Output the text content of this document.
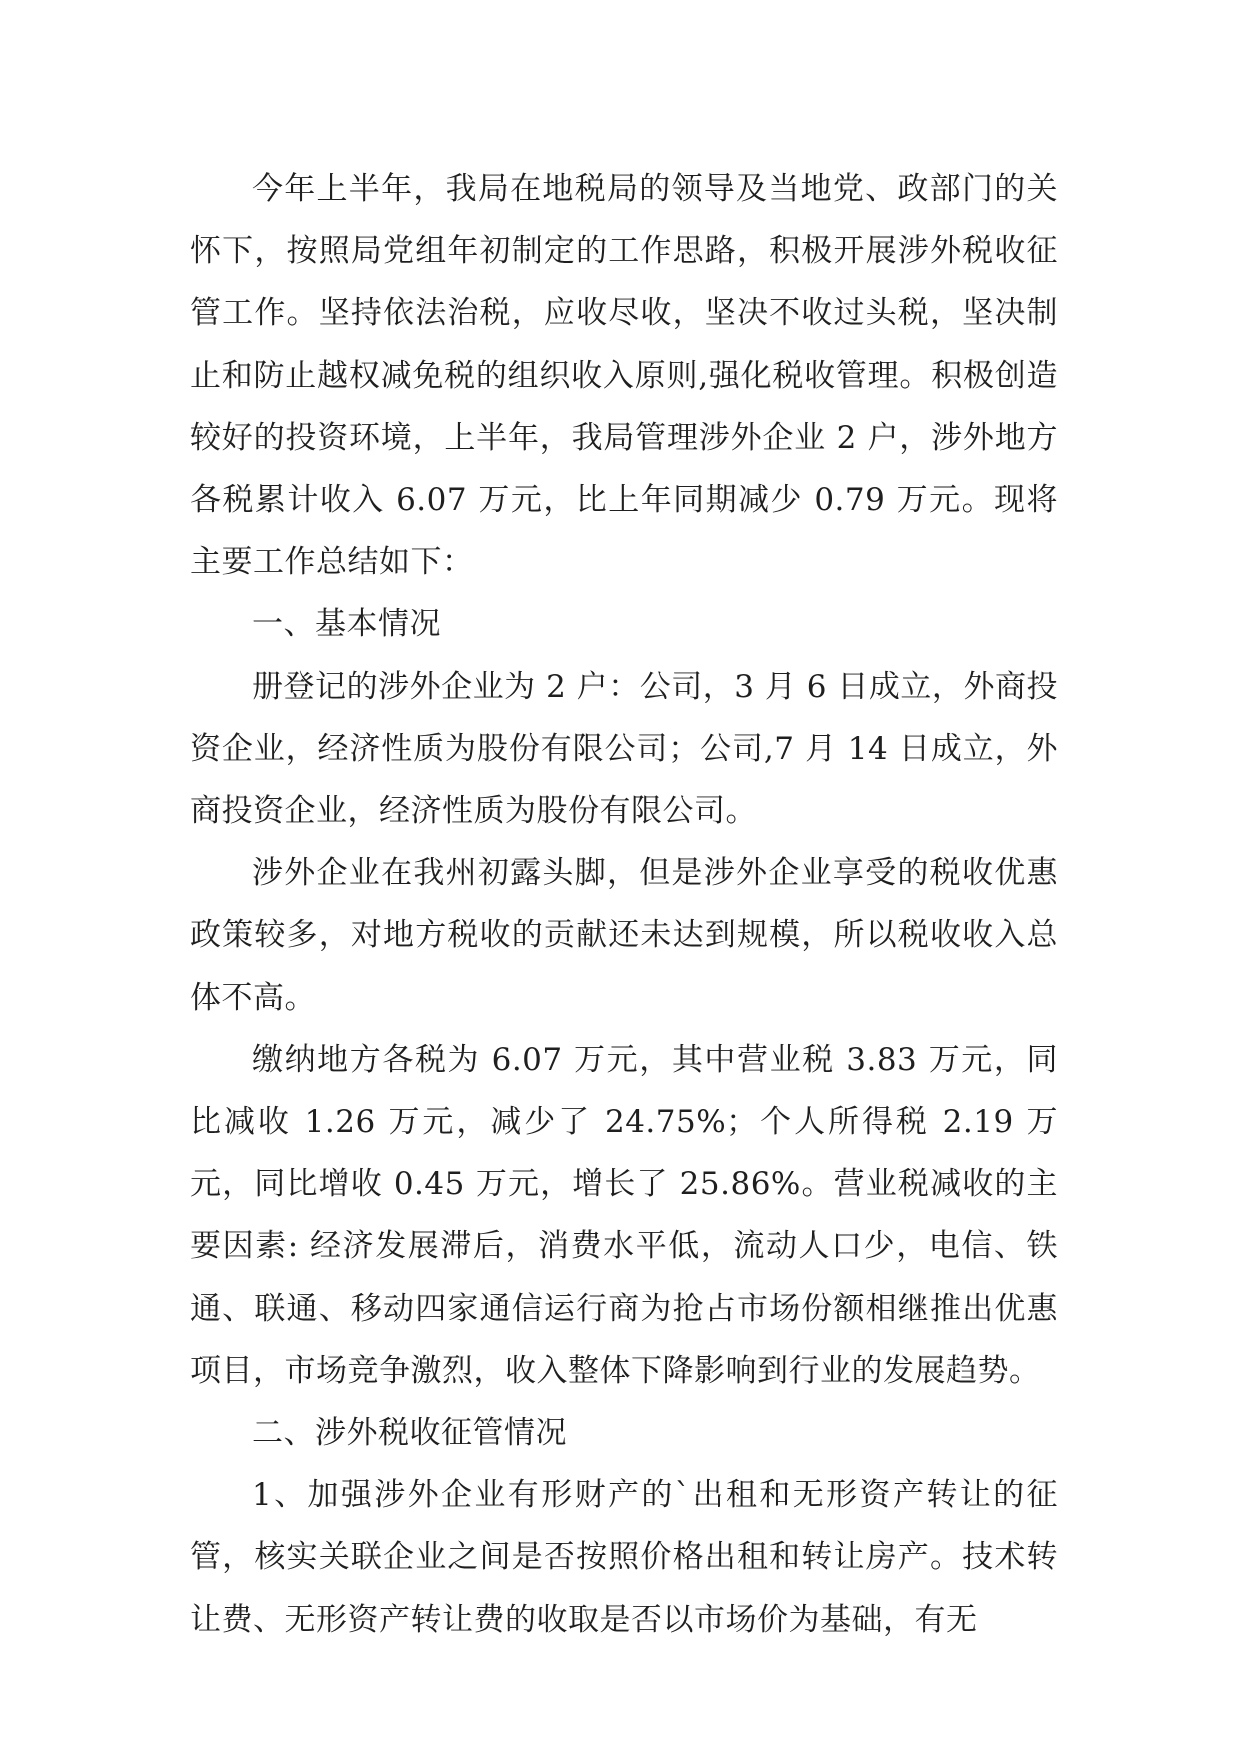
今年上半年，我局在地税局的领导及当地党、政部门的关怀下，按照局党组年初制定的工作思路，积极开展涉外税收征管工作。坚持依法治税，应收尽收，坚决不收过头税，坚决制止和防止越权减免税的组织收入原则,强化税收管理。积极创造较好的投资环境，上半年，我局管理涉外企业 2 户，涉外地方各税累计收入 6.07 万元，比上年同期减少 0.79 万元。现将主要工作总结如下：

一、基本情况

册登记的涉外企业为 2 户：公司，3 月 6 日成立，外商投资企业，经济性质为股份有限公司；公司,7 月 14 日成立，外商投资企业，经济性质为股份有限公司。

涉外企业在我州初露头脚，但是涉外企业享受的税收优惠政策较多，对地方税收的贡献还未达到规模，所以税收收入总体不高。

缴纳地方各税为 6.07 万元，其中营业税 3.83 万元，同比减收 1.26 万元，减少了 24.75%；个人所得税 2.19 万元，同比增收 0.45 万元，增长了 25.86%。营业税减收的主要因素: 经济发展滞后，消费水平低，流动人口少，电信、铁通、联通、移动四家通信运行商为抢占市场份额相继推出优惠项目，市场竞争激烈，收入整体下降影响到行业的发展趋势。

二、涉外税收征管情况

1、加强涉外企业有形财产的`出租和无形资产转让的征管，核实关联企业之间是否按照价格出租和转让房产。技术转让费、无形资产转让费的收取是否以市场价为基础，有无
